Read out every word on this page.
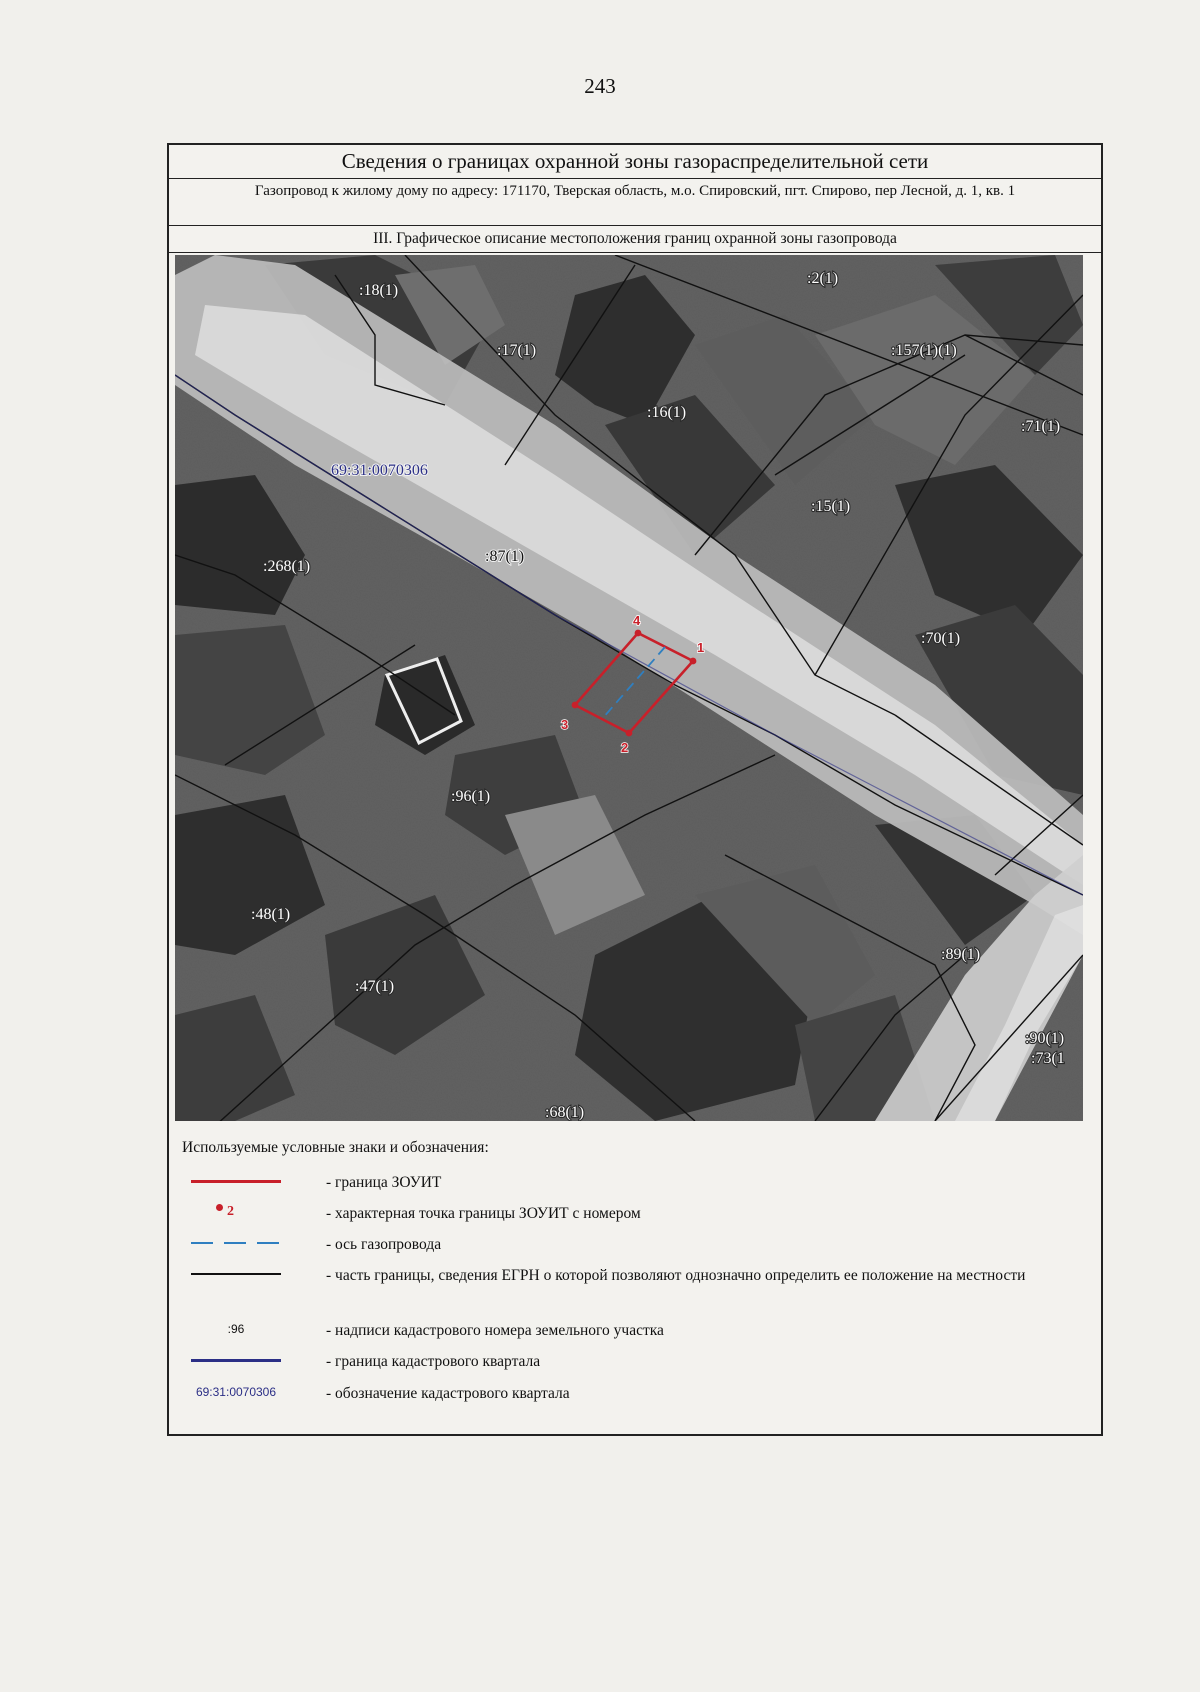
243
Сведения о границах охранной зоны газораспределительной сети
Газопровод к жилому дому по адресу: 171170, Тверская область, м.о. Спировский, пгт. Спирово, пер Лесной, д. 1, кв. 1
III. Графическое описание местоположения границ охранной зоны газопровода
1
2
3
4
:18(1)
:2(1)
:17(1)	:157(1)(1)
:16(1)
:71(1)
:15(1)
:87(1)
:268(1)
:70(1)
:96(1)
:48(1)
:47(1)
:89(1)
:90(1)
:73(1
:68(1)
69:31:0070306
Используемые условные знаки и обозначения:
- граница ЗОУИТ
2	- характерная точка границы ЗОУИТ с номером
- ось газопровода
- часть границы, сведения ЕГРН о которой позволяют однозначно определить ее положение на местности
:96	- надписи кадастрового номера земельного участка
- граница кадастрового квартала
69:31:0070306	- обозначение кадастрового квартала
